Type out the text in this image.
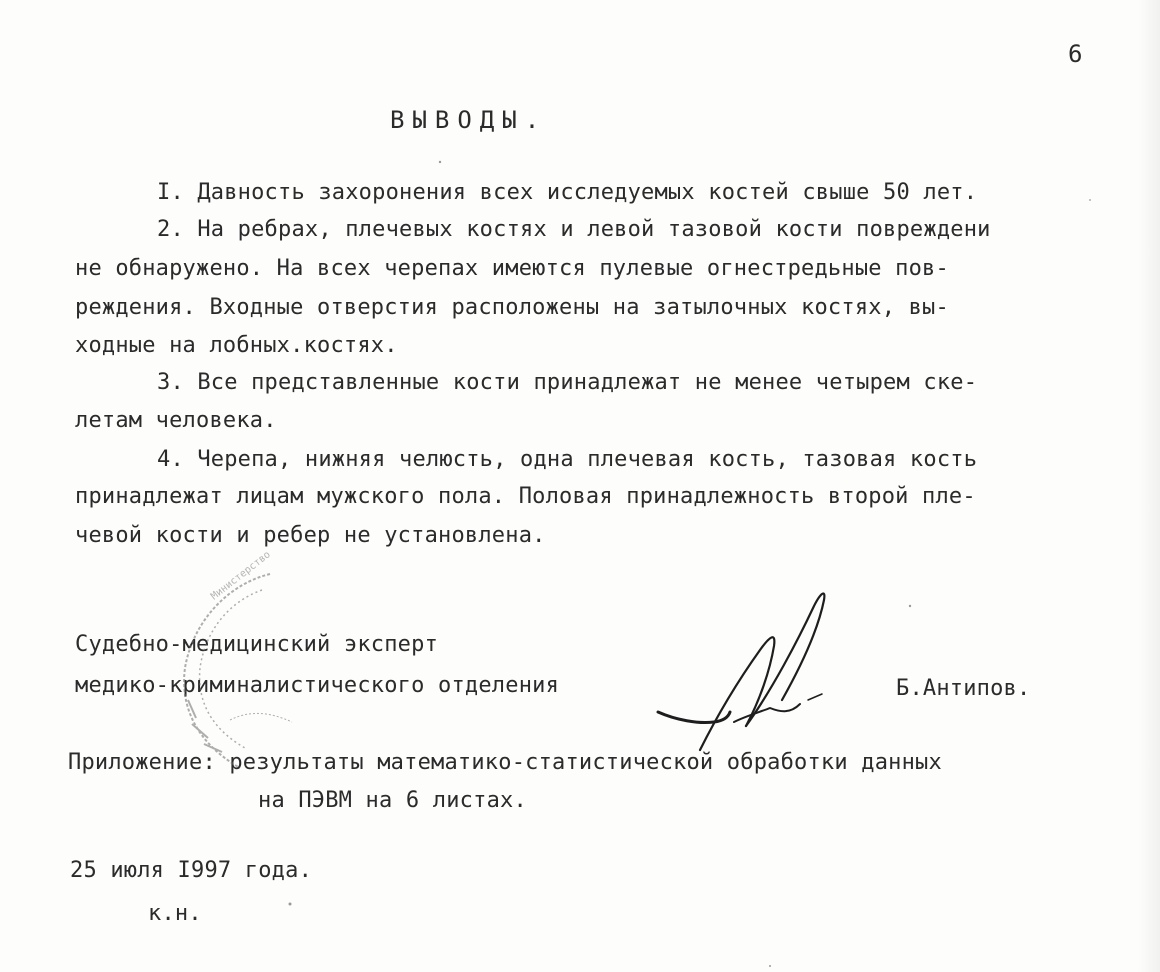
6
ВЫВОДЫ.
I. Давность захоронения всех исследуемых костей свыше 50 лет.
2. На ребрах, плечевых костях и левой тазовой кости повреждени
не обнаружено. На всех черепах имеются пулевые огнестредьные пов-
реждения. Входные отверстия расположены на затылочных костях, вы-
ходные на лобных.костях.
3. Все представленные кости принадлежат не менее четырем ске-
летам человека.
4. Черепа, нижняя челюсть, одна плечевая кость, тазовая кость
принадлежат лицам мужского пола. Половая принадлежность второй пле-
чевой кости и ребер не установлена.
Судебно-медицинский эксперт
медико-криминалистического отделения	Б.Антипов.
Приложение: результаты математико-статистической обработки данных
на ПЭВМ на 6 листах.
25 июля I997 года.
к.н.
Министерство
